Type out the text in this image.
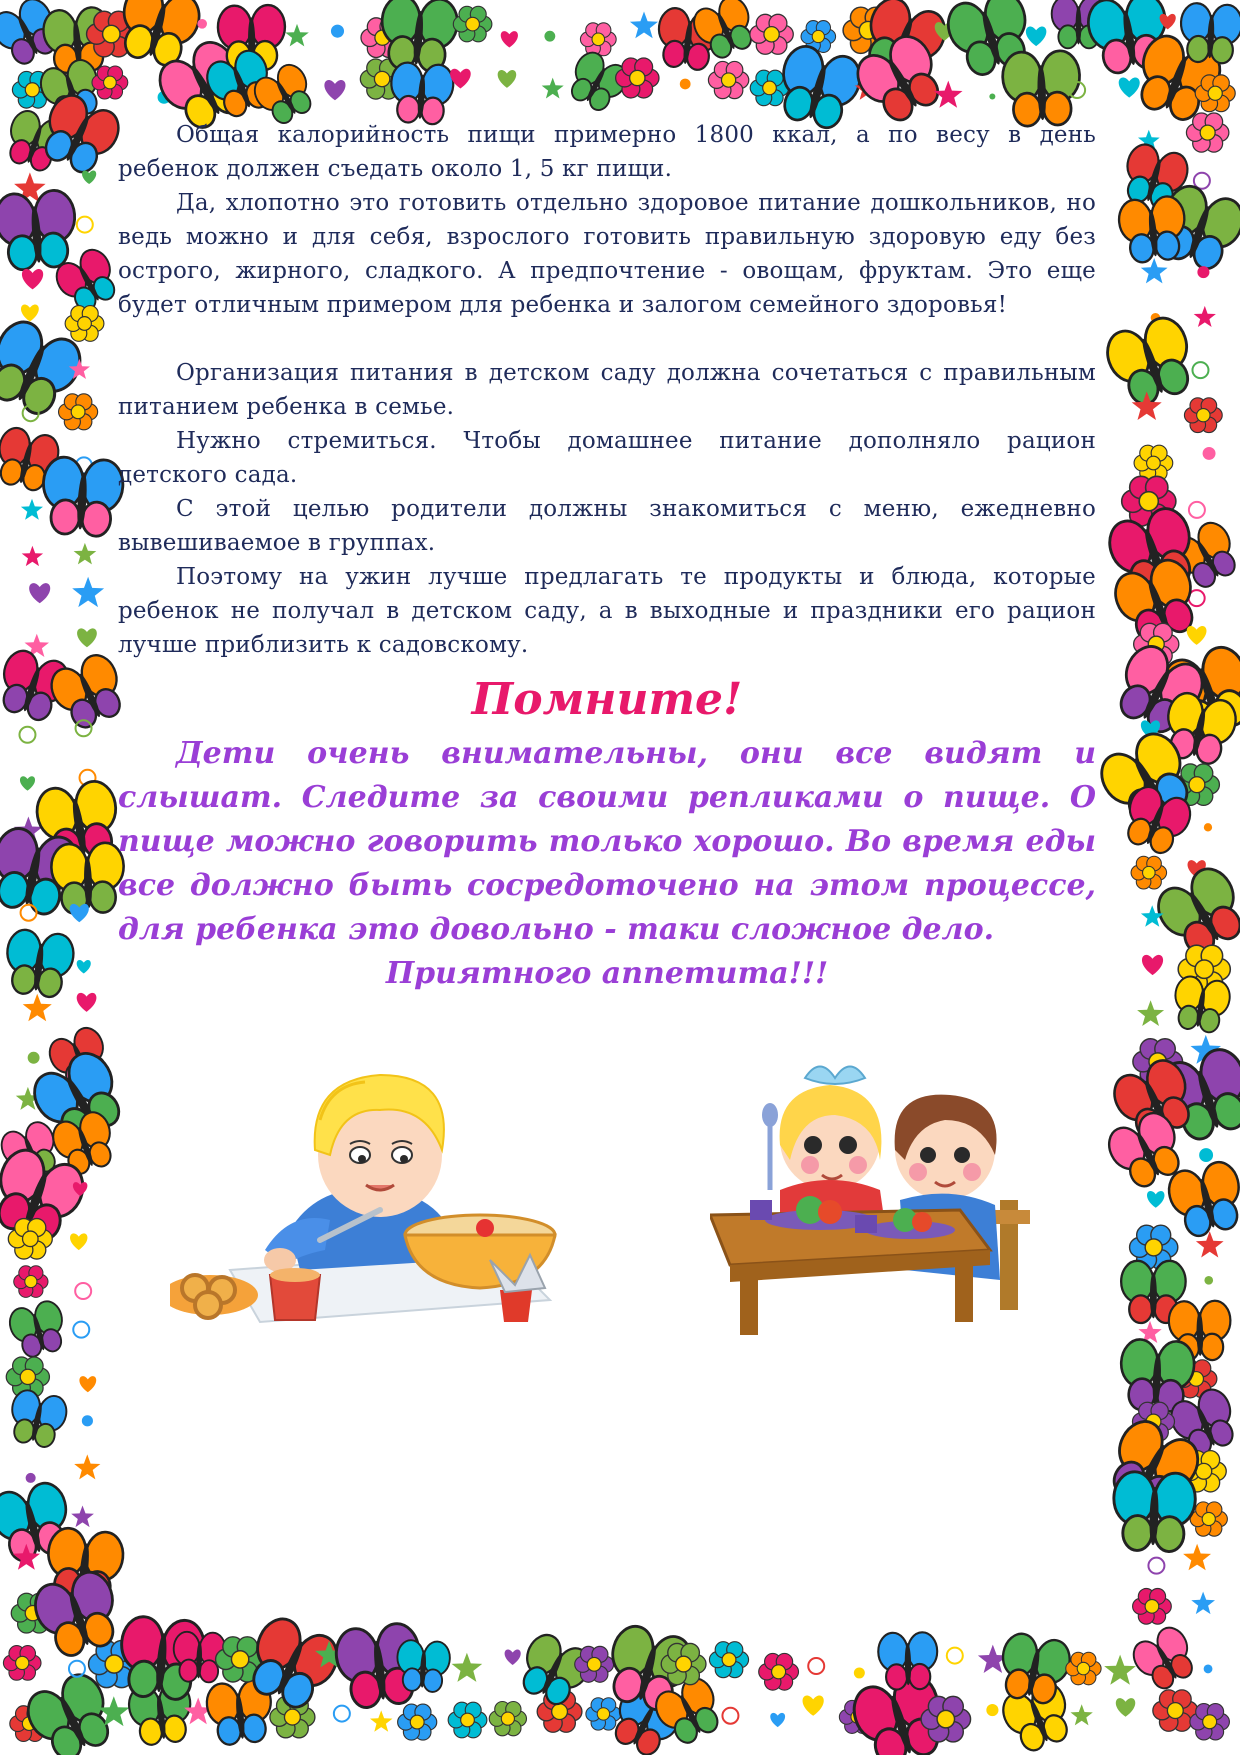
Общая калорийность пищи примерно 1800 ккал, а по весу в день ребенок должен съедать около 1, 5 кг пищи.

Да, хлопотно это готовить отдельно здоровое питание дошкольников, но ведь можно и для себя, взрослого готовить правильную здоровую еду без острого, жирного, сладкого. А предпочтение - овощам, фруктам. Это еще будет отличным примером для ребенка и залогом семейного здоровья!

Организация питания в детском саду должна сочетаться с правильным питанием ребенка в семье.

Нужно стремиться. Чтобы домашнее питание дополняло рацион детского сада.

С этой целью родители должны знакомиться с меню, ежедневно вывешиваемое в группах.

Поэтому на ужин лучше предлагать те продукты и блюда, которые ребенок не получал в детском саду, а в выходные и праздники его рацион лучше приблизить к садовскому.

Помните!

Дети очень внимательны, они все видят и слышат. Следите за своими репликами о пище. О пище можно говорить только хорошо. Во время еды все должно быть сосредоточено на этом процессе, для ребенка это довольно - таки сложное дело.

Приятного аппетита!!!
